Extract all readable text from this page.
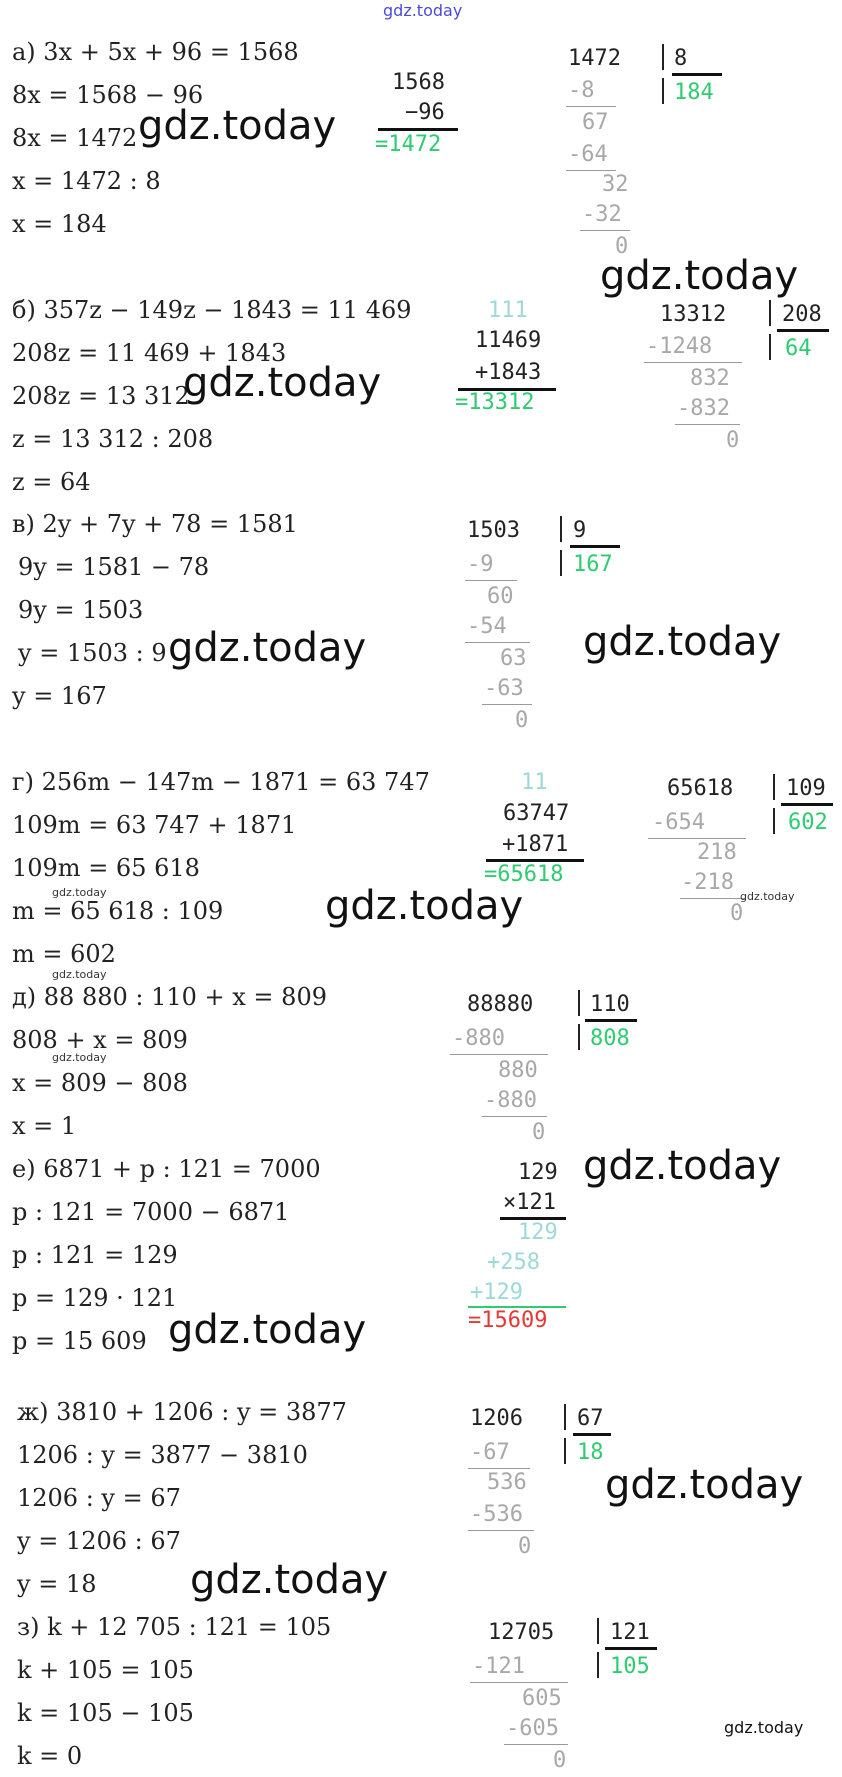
gdz.today
а) 3x + 5x + 96 = 1568
8x = 1568 − 96
8x = 1472
x = 1472 : 8
x = 184
gdz.today
1568
−96
=1472
1472 8
184
-8
67
-64
32
-32
0
gdz.today
б) 357z − 149z − 1843 = 11 469
208z = 11 469 + 1843
208z = 13 312
z = 13 312 : 208
z = 64
gdz.today
111
11469
+1843
=13312
13312	208
64
-1248
832
-832
0
в) 2y + 7y + 78 = 1581
9y = 1581 − 78
9y = 1503
y = 1503 : 9
y = 167
gdz.today
1503 9
167
-9
60
-54
63
-63
0
gdz.today
г) 256m − 147m − 1871 = 63 747
109m = 63 747 + 1871
109m = 65 618
m = 65 618 : 109
m = 602
gdz.today
gdz.today
gdz.today
11
63747
+1871
=65618
65618 109
602
-654
218
-218
0
gdz.today
д) 88 880 : 110 + x = 809
808 + x = 809
x = 809 − 808
x = 1
gdz.today
88880	110
808
-880
880
-880
0
е) 6871 + p : 121 = 7000
p : 121 = 7000 − 6871
p : 121 = 129
p = 129 · 121
p = 15 609 gdz.today
gdz.today
129
×121
129
+258
+129
=15609
ж) 3810 + 1206 : y = 3877
1206 : y = 3877 − 3810
1206 : y = 67
y = 1206 : 67
y = 18 gdz.today
1206 67
18
-67
536
-536
0
gdz.today
з) k + 12 705 : 121 = 105
k + 105 = 105
k = 105 − 105
k = 0
12705	121
105
-121
605
-605
0
gdz.today
